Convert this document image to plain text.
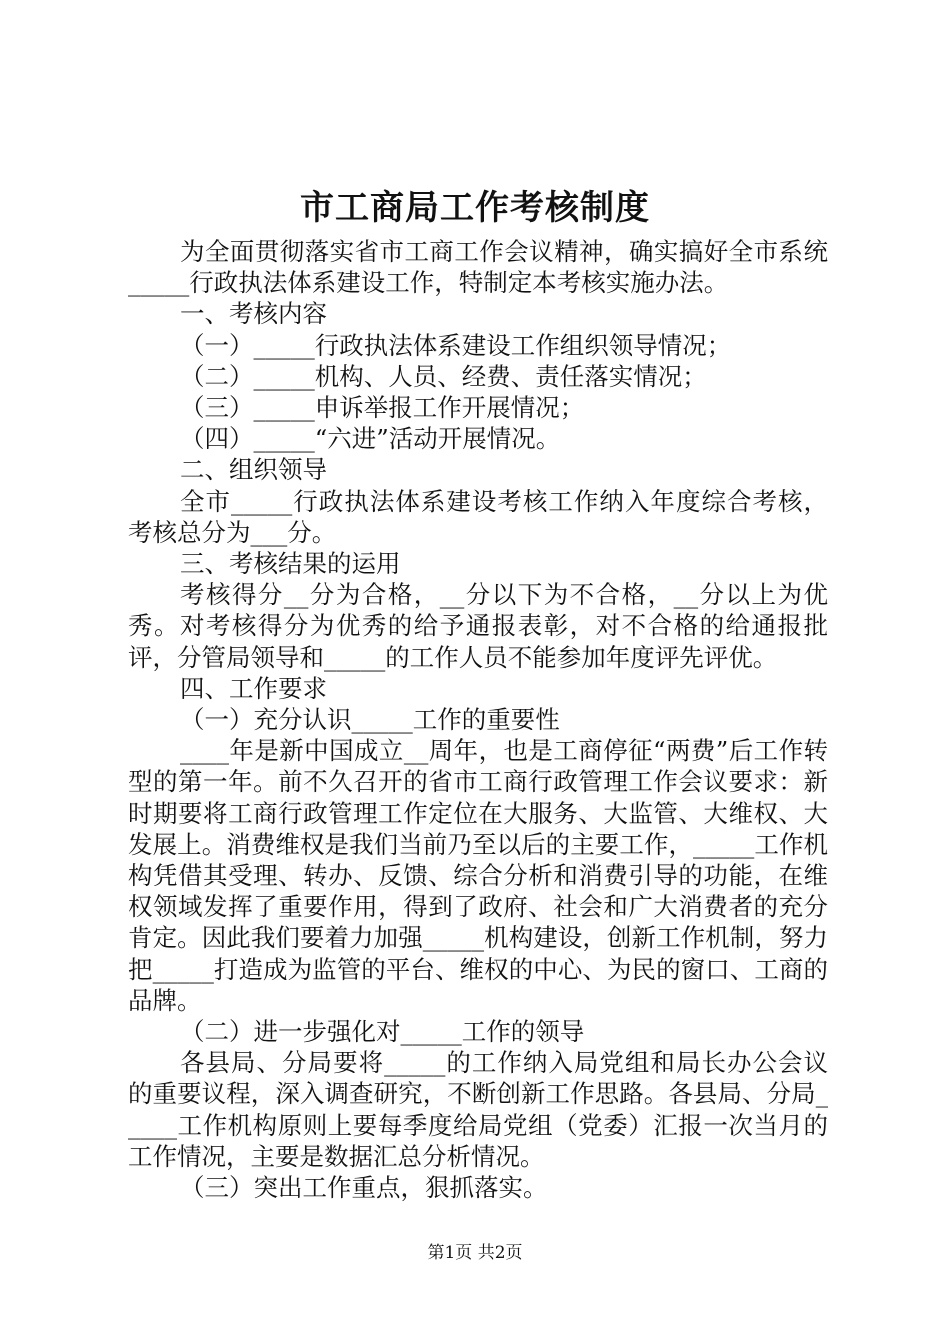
市工商局工作考核制度

为全面贯彻落实省市工商工作会议精神，确实搞好全市系统_____行政执法体系建设工作，特制定本考核实施办法。

一、考核内容

（一）_____行政执法体系建设工作组织领导情况；

（二）_____机构、人员、经费、责任落实情况；

（三）_____申诉举报工作开展情况；

（四）_____“六进”活动开展情况。

二、组织领导

全市_____行政执法体系建设考核工作纳入年度综合考核，考核总分为___分。

三、考核结果的运用

考核得分__分为合格，__分以下为不合格，__分以上为优秀。对考核得分为优秀的给予通报表彰，对不合格的给通报批评，分管局领导和_____的工作人员不能参加年度评先评优。

四、工作要求

（一）充分认识_____工作的重要性

____年是新中国成立__周年，也是工商停征“两费”后工作转型的第一年。前不久召开的省市工商行政管理工作会议要求：新时期要将工商行政管理工作定位在大服务、大监管、大维权、大发展上。消费维权是我们当前乃至以后的主要工作，_____工作机构凭借其受理、转办、反馈、综合分析和消费引导的功能，在维权领域发挥了重要作用，得到了政府、社会和广大消费者的充分肯定。因此我们要着力加强_____机构建设，创新工作机制，努力把_____打造成为监管的平台、维权的中心、为民的窗口、工商的品牌。

（二）进一步强化对_____工作的领导

各县局、分局要将_____的工作纳入局党组和局长办公会议的重要议程，深入调查研究，不断创新工作思路。各县局、分局_____工作机构原则上要每季度给局党组（党委）汇报一次当月的工作情况，主要是数据汇总分析情况。

（三）突出工作重点，狠抓落实。

第1页 共2页
